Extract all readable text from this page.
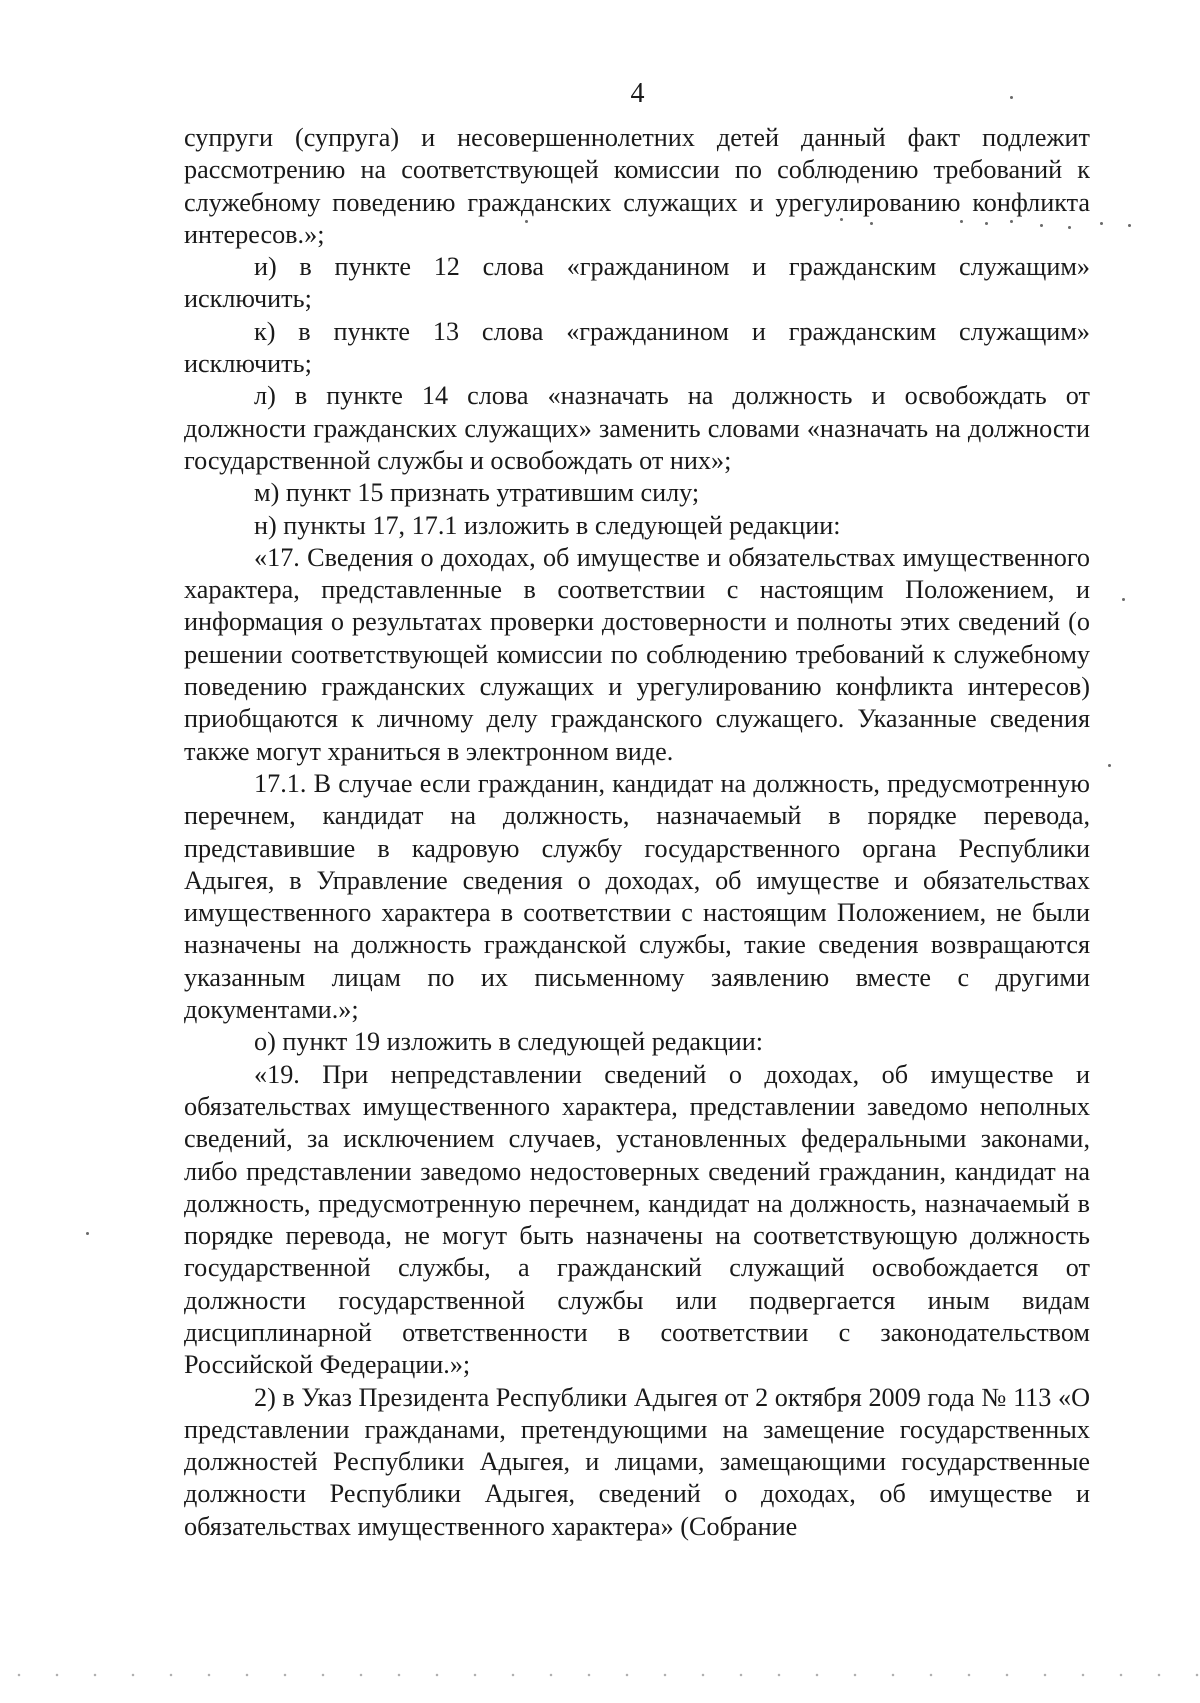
4

супруги (супруга) и несовершеннолетних детей данный факт подлежит рассмотрению на соответствующей комиссии по соблюдению требований к служебному поведению гражданских служащих и урегулированию конфликта интересов.»;

и) в пункте 12 слова «гражданином и гражданским служащим» исключить;

к) в пункте 13 слова «гражданином и гражданским служащим» исключить;

л) в пункте 14 слова «назначать на должность и освобождать от должности гражданских служащих» заменить словами «назначать на должности государственной службы и освобождать от них»;

м) пункт 15 признать утратившим силу;

н) пункты 17, 17.1 изложить в следующей редакции:

«17. Сведения о доходах, об имуществе и обязательствах имущественного характера, представленные в соответствии с настоящим Положением, и информация о результатах проверки достоверности и полноты этих сведений (о решении соответствующей комиссии по соблюдению требований к служебному поведению гражданских служащих и урегулированию конфликта интересов) приобщаются к личному делу гражданского служащего. Указанные сведения также могут храниться в электронном виде.

17.1. В случае если гражданин, кандидат на должность, предусмотренную перечнем, кандидат на должность, назначаемый в порядке перевода, представившие в кадровую службу государственного органа Республики Адыгея, в Управление сведения о доходах, об имуществе и обязательствах имущественного характера в соответствии с настоящим Положением, не были назначены на должность гражданской службы, такие сведения возвращаются указанным лицам по их письменному заявлению вместе с другими документами.»;

о) пункт 19 изложить в следующей редакции:

«19. При непредставлении сведений о доходах, об имуществе и обязательствах имущественного характера, представлении заведомо неполных сведений, за исключением случаев, установленных федеральными законами, либо представлении заведомо недостоверных сведений гражданин, кандидат на должность, предусмотренную перечнем, кандидат на должность, назначаемый в порядке перевода, не могут быть назначены на соответствующую должность государственной службы, а гражданский служащий освобождается от должности государственной службы или подвергается иным видам дисциплинарной ответственности в соответствии с законодательством Российской Федерации.»;

2) в Указ Президента Республики Адыгея от 2 октября 2009 года № 113 «О представлении гражданами, претендующими на замещение государственных должностей Республики Адыгея, и лицами, замещающими государственные должности Республики Адыгея, сведений о доходах, об имуществе и обязательствах имущественного характера» (Собрание
